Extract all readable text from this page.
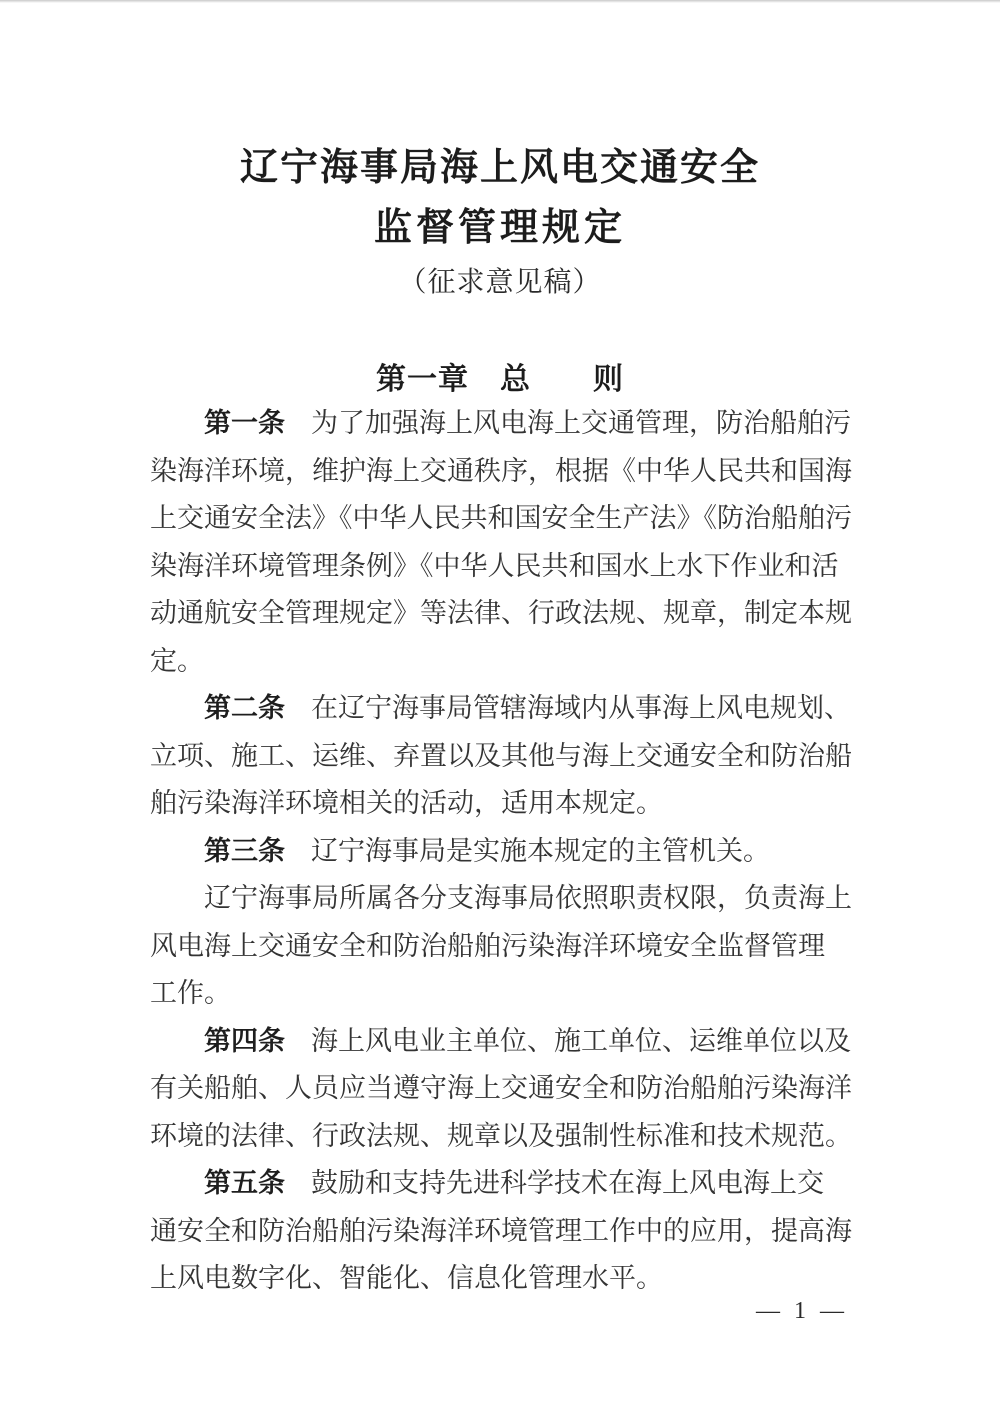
辽宁海事局海上风电交通安全
监督管理规定
（征求意见稿）
第一章　总　　则
第一条 为了加强海上风电海上交通管理，防治船舶污
染海洋环境，维护海上交通秩序，根据《中华人民共和国海
上交通安全法》《中华人民共和国安全生产法》《防治船舶污
染海洋环境管理条例》《中华人民共和国水上水下作业和活
动通航安全管理规定》等法律、行政法规、规章，制定本规
定。
第二条 在辽宁海事局管辖海域内从事海上风电规划、
立项、施工、运维、弃置以及其他与海上交通安全和防治船
舶污染海洋环境相关的活动，适用本规定。
第三条 辽宁海事局是实施本规定的主管机关。
辽宁海事局所属各分支海事局依照职责权限，负责海上
风电海上交通安全和防治船舶污染海洋环境安全监督管理
工作。
第四条 海上风电业主单位、施工单位、运维单位以及
有关船舶、人员应当遵守海上交通安全和防治船舶污染海洋
环境的法律、行政法规、规章以及强制性标准和技术规范。
第五条 鼓励和支持先进科学技术在海上风电海上交
通安全和防治船舶污染海洋环境管理工作中的应用，提高海
上风电数字化、智能化、信息化管理水平。
— 1 —
